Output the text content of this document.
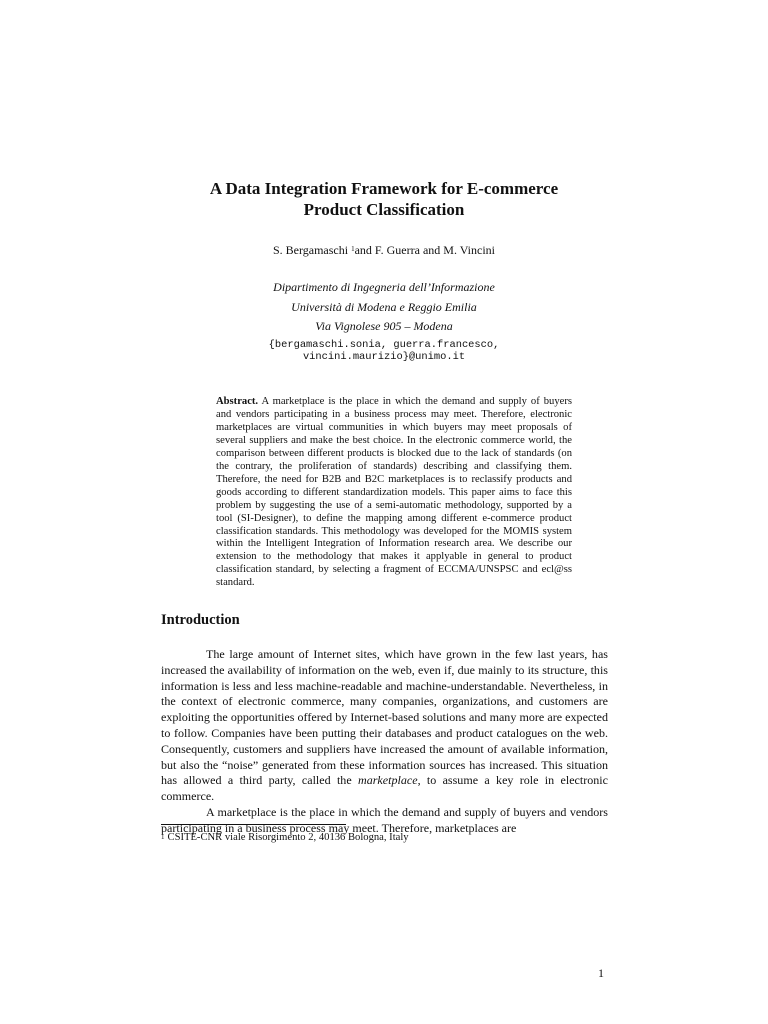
A Data Integration Framework for E-commerce
Product Classification
S. Bergamaschi $^1$and F. Guerra and M. Vincini
Dipartimento di Ingegneria dell’Informazione
Università di Modena e Reggio Emilia
Via Vignolese 905 – Modena
{bergamaschi.sonia, guerra.francesco,
vincini.maurizio}@unimo.it
Abstract. A marketplace is the place in which the demand and supply of buyers and vendors participating in a business process may meet. Therefore, electronic marketplaces are virtual communities in which buyers may meet proposals of several suppliers and make the best choice. In the electronic commerce world, the comparison between different products is blocked due to the lack of standards (on the contrary, the proliferation of standards) describing and classifying them. Therefore, the need for B2B and B2C marketplaces is to reclassify products and goods according to different standardization models. This paper aims to face this problem by suggesting the use of a semi-automatic methodology, supported by a tool (SI-Designer), to define the mapping among different e-commerce product classification standards. This methodology was developed for the MOMIS system within the Intelligent Integration of Information research area. We describe our extension to the methodology that makes it applyable in general to product classification standard, by selecting a fragment of ECCMA/UNSPSC and ecl@ss standard.
Introduction

The large amount of Internet sites, which have grown in the few last years, has increased the availability of information on the web, even if, due mainly to its structure, this information is less and less machine-readable and machine-understandable. Nevertheless, in the context of electronic commerce, many companies, organizations, and customers are exploiting the opportunities offered by Internet-based solutions and many more are expected to follow. Companies have been putting their databases and product catalogues on the web. Consequently, customers and suppliers have increased the amount of available information, but also the “noise” generated from these information sources has increased. This situation has allowed a third party, called the marketplace, to assume a key role in electronic commerce.

A marketplace is the place in which the demand and supply of buyers and vendors participating in a business process may meet. Therefore, marketplaces are

$^1$ CSITE-CNR viale Risorgimento 2, 40136 Bologna, Italy
1
